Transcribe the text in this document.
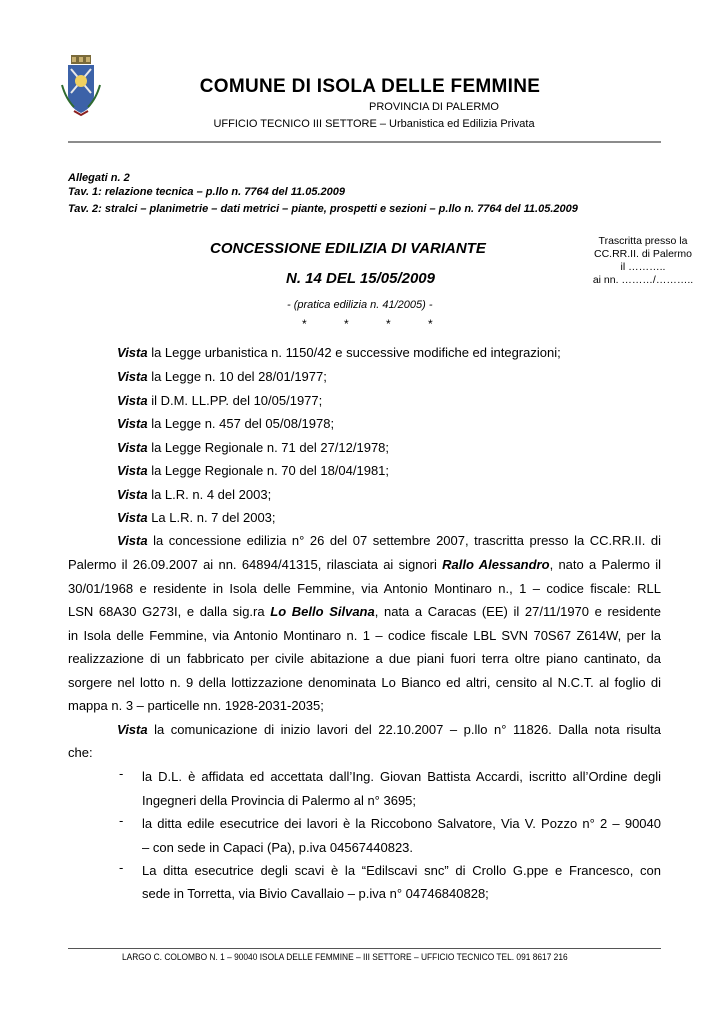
COMUNE DI ISOLA DELLE FEMMINE
PROVINCIA DI PALERMO
UFFICIO TECNICO III SETTORE – Urbanistica ed Edilizia Privata
Allegati n. 2
Tav. 1: relazione tecnica – p.llo n. 7764 del 11.05.2009
Tav. 2: stralci – planimetrie – dati metrici – piante, prospetti e sezioni – p.llo n. 7764 del 11.05.2009
CONCESSIONE EDILIZIA DI VARIANTE
N. 14 DEL 15/05/2009
- (pratica edilizia n. 41/2005) -
*	*	*	*
Trascritta presso la
CC.RR.II. di Palermo
il ………..
ai nn. ………/………..
Vista la Legge urbanistica n. 1150/42 e successive modifiche ed integrazioni;
Vista la Legge n. 10 del 28/01/1977;
Vista il D.M. LL.PP. del 10/05/1977;
Vista la Legge n. 457 del 05/08/1978;
Vista la Legge Regionale n. 71 del 27/12/1978;
Vista la Legge Regionale n. 70 del 18/04/1981;
Vista la L.R. n. 4 del 2003;
Vista La L.R. n. 7 del 2003;
Vista la concessione edilizia n° 26 del 07 settembre 2007, trascritta presso la CC.RR.II. di
Palermo il 26.09.2007 ai nn. 64894/41315, rilasciata ai signori Rallo Alessandro, nato a Palermo il
30/01/1968 e residente in Isola delle Femmine, via Antonio Montinaro n., 1 – codice fiscale: RLL
LSN 68A30 G273I, e dalla sig.ra Lo Bello Silvana, nata a Caracas (EE) il 27/11/1970 e residente
in Isola delle Femmine, via Antonio Montinaro n. 1 – codice fiscale LBL SVN 70S67 Z614W, per la
realizzazione di un fabbricato per civile abitazione a due piani fuori terra oltre piano cantinato, da
sorgere nel lotto n. 9 della lottizzazione denominata Lo Bianco ed altri, censito al N.C.T. al foglio di
mappa n. 3 – particelle nn. 1928-2031-2035;
Vista la comunicazione di inizio lavori del 22.10.2007 – p.llo n° 11826. Dalla nota risulta
che:
- la D.L. è affidata ed accettata dall’Ing. Giovan Battista Accardi, iscritto all’Ordine degli
Ingegneri della Provincia di Palermo al n° 3695;
- la ditta edile esecutrice dei lavori è la Riccobono Salvatore, Via V. Pozzo n° 2 – 90040
– con sede in Capaci (Pa), p.iva 04567440823.
- La ditta esecutrice degli scavi è la “Edilscavi snc” di Crollo G.ppe e Francesco, con
sede in Torretta, via Bivio Cavallaio – p.iva n° 04746840828;
LARGO C. COLOMBO N. 1 – 90040 ISOLA DELLE FEMMINE – III SETTORE – UFFICIO TECNICO TEL. 091 8617 216
